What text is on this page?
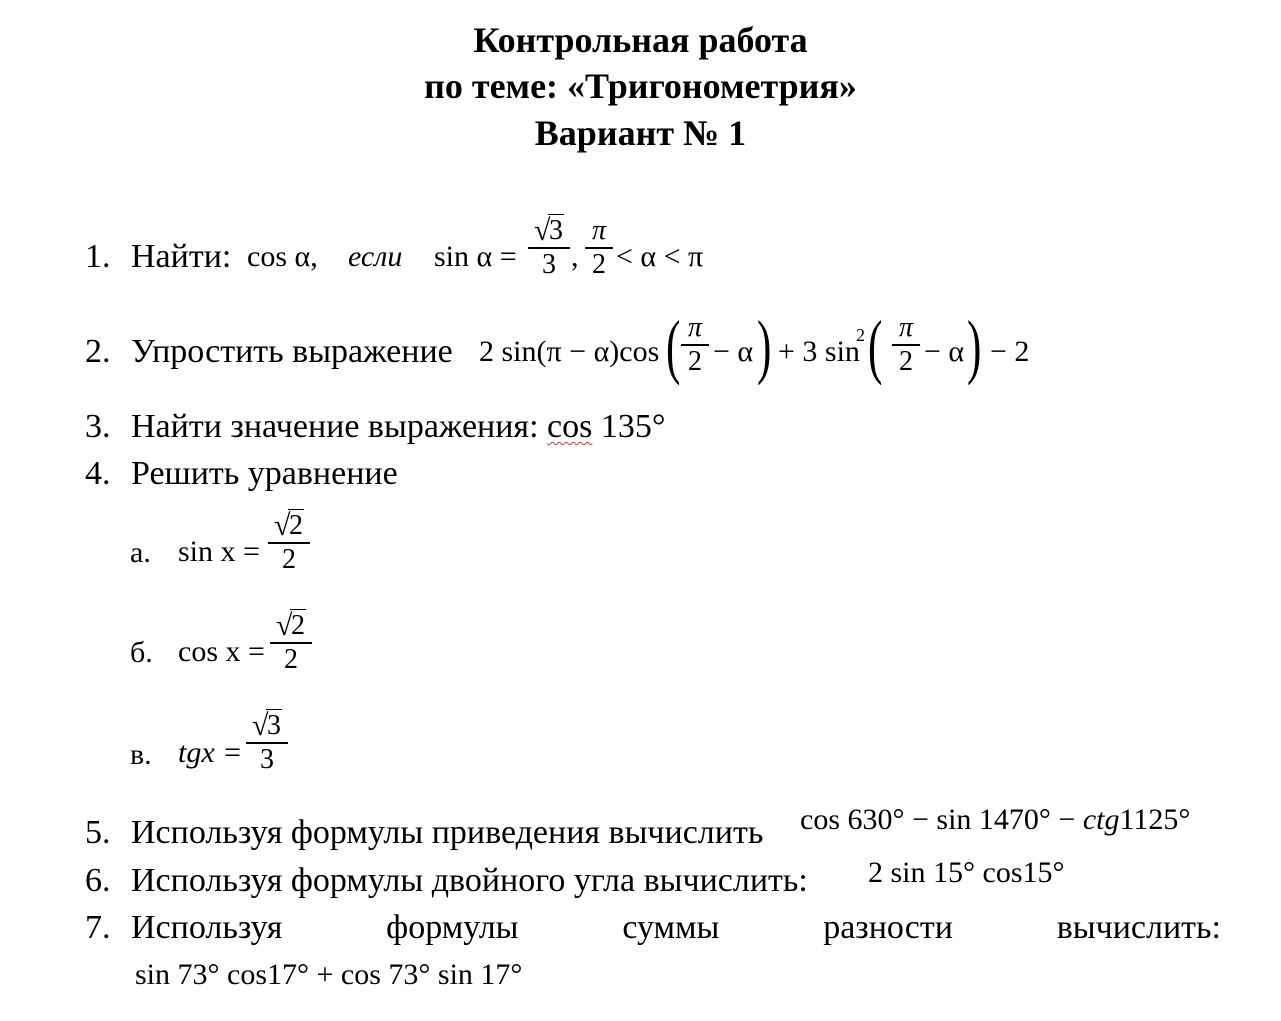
Контрольная работа
по теме: «Тригонометрия»
Вариант № 1
1. Найти: cos α, если sin α =
√
3
3 ,
π
2 < α < π
2. Упростить выражение 2 sin(π − α)cos ( π
2 − α ) + 3 sin
2 ( π
2 − α ) − 2
3. Найти значение выражения: cos 135°
4. Решить уравнение
а. sin x =
√
2
2
б. cos x =
√
2
2
в. tgx =
√
3
3
5. Используя формулы приведения вычислить cos 630° − sin 1470° − ctg1125°
6. Используя формулы двойного угла вычислить: 2 sin 15° cos15°
7. Используя	формулы	суммы	разности	вычислить:
sin 73° cos17° + cos 73° sin 17°
